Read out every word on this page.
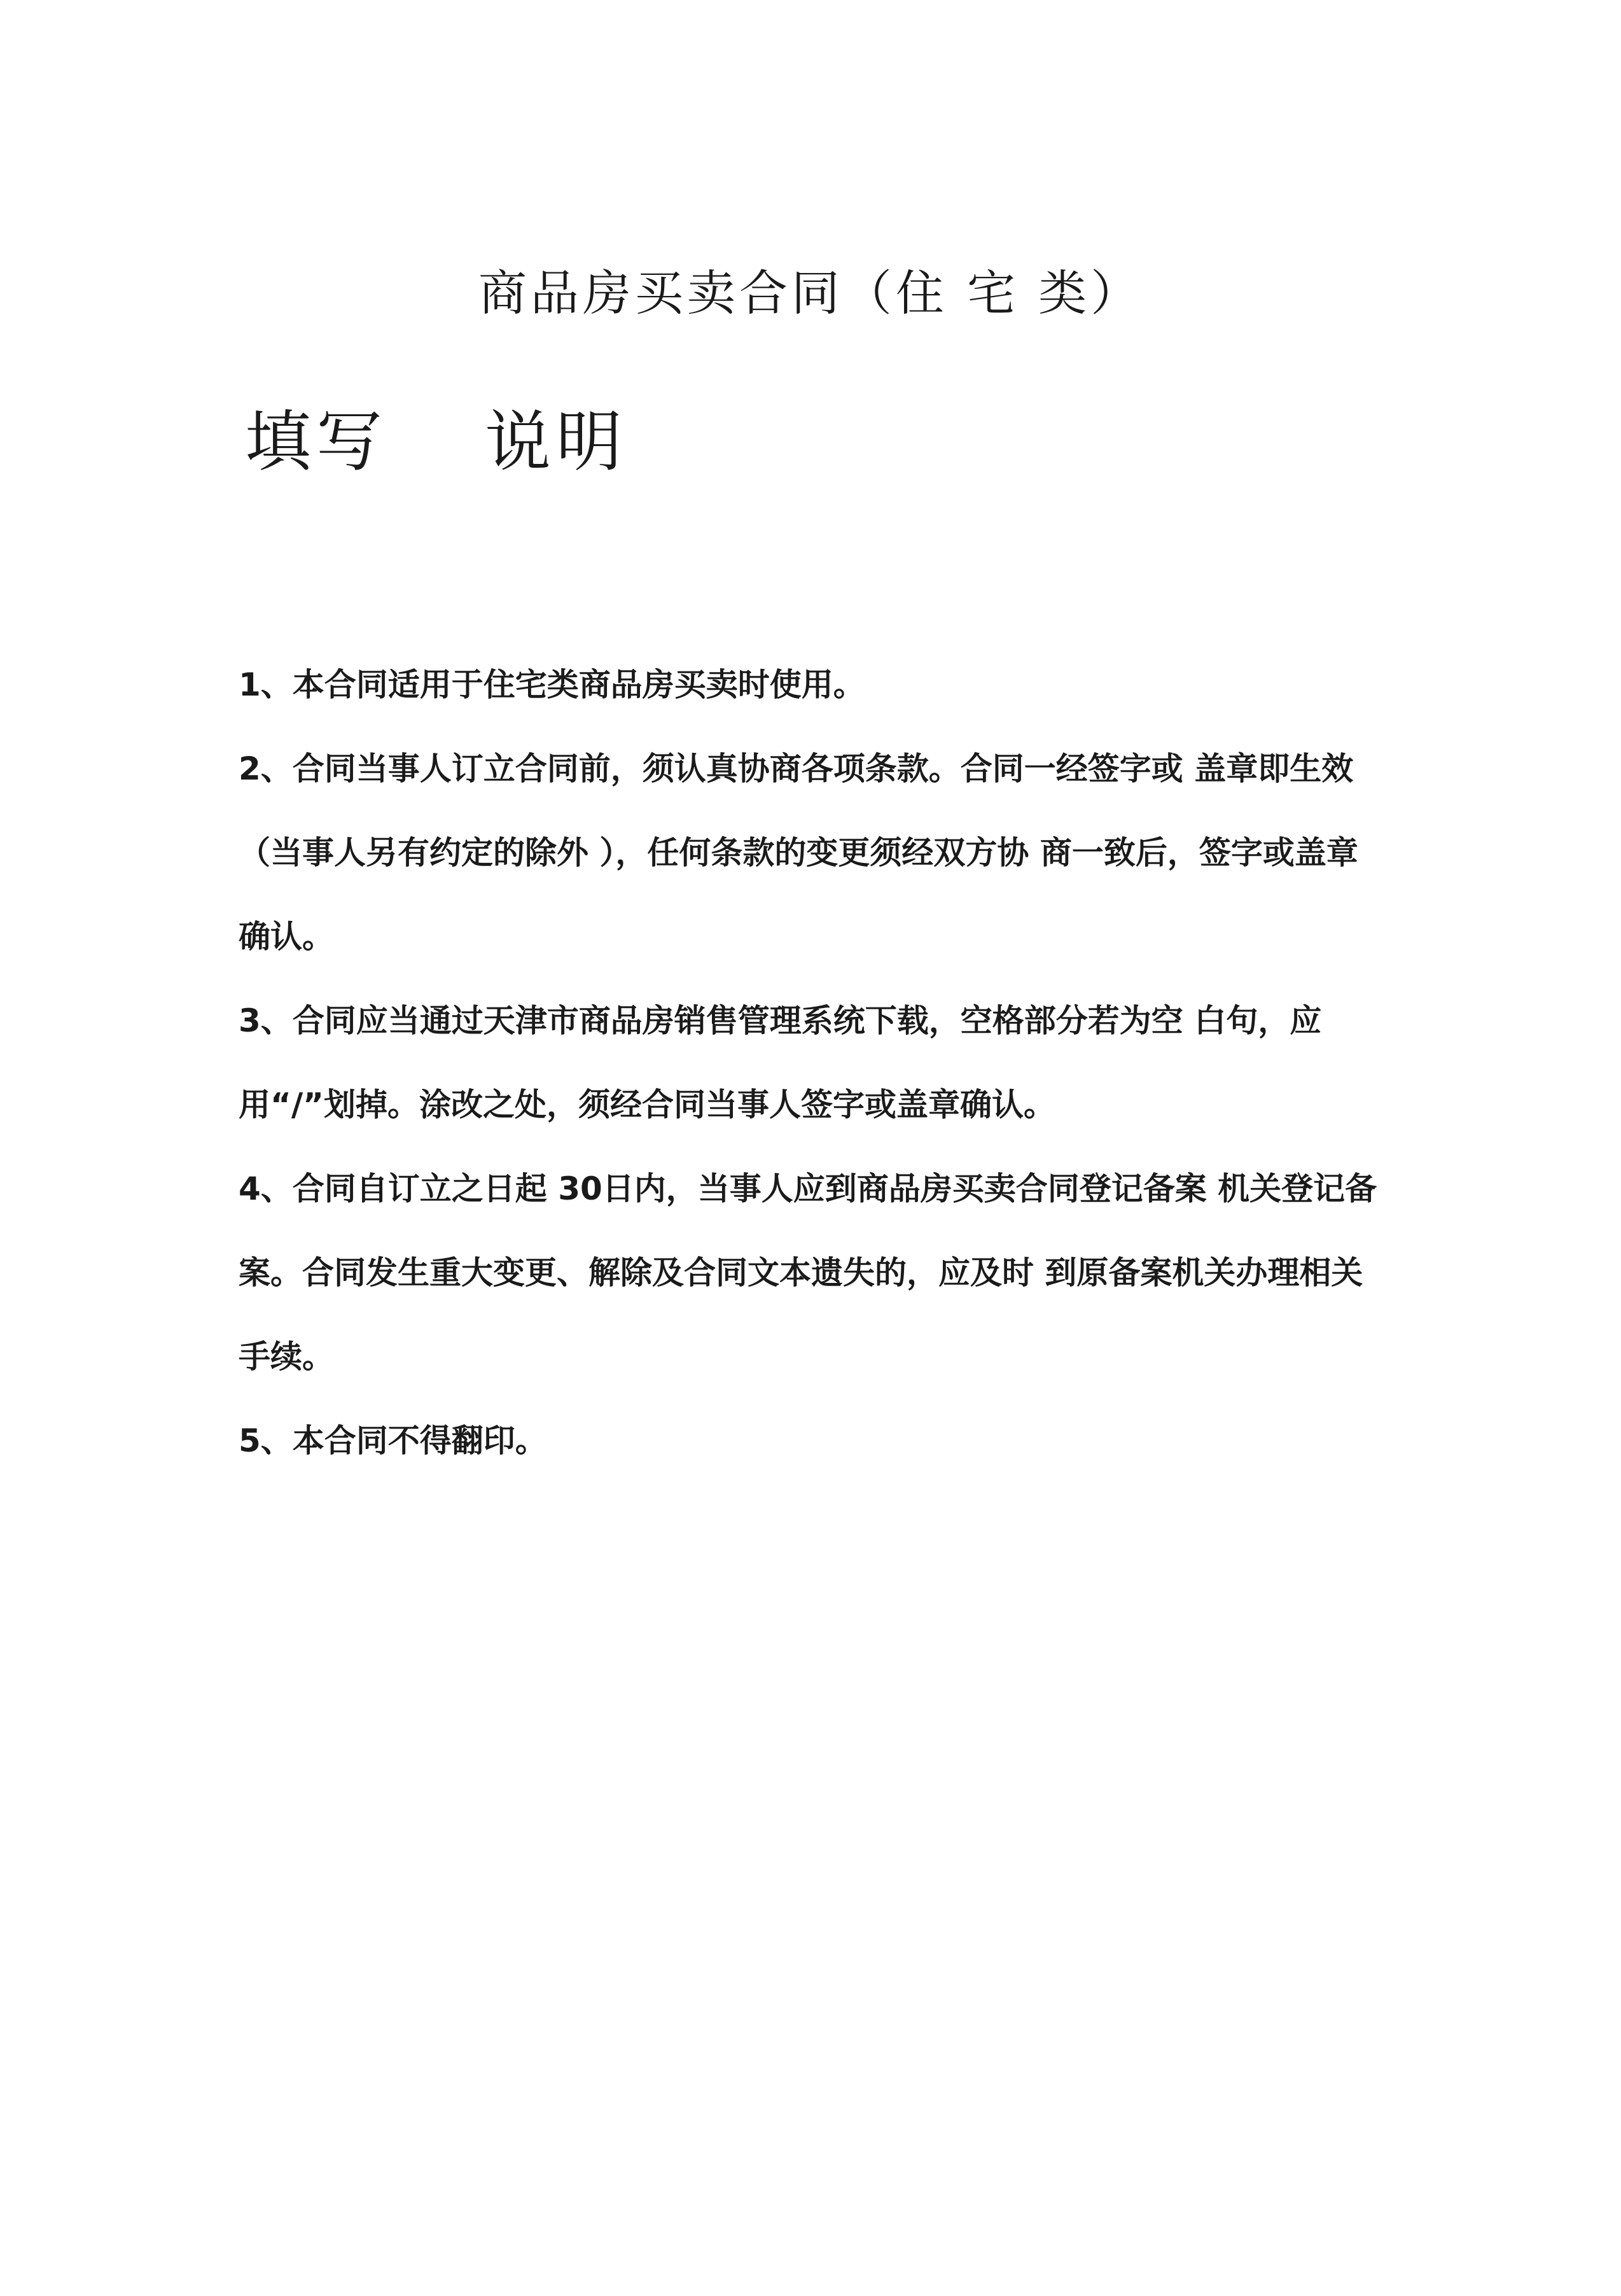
商品房买卖合同（住 宅 类）
填写　 说明

1、本合同适用于住宅类商品房买卖时使用。

2、合同当事人订立合同前，须认真协商各项条款。合同一经签字或 盖章即生效（当事人另有约定的除外 ），任何条款的变更须经双方协 商一致后，签字或盖章确认。

3、合同应当通过天津市商品房销售管理系统下载，空格部分若为空 白句，应用“/”划掉。涂改之处，须经合同当事人签字或盖章确认。

4、合同自订立之日起 30日内，当事人应到商品房买卖合同登记备案 机关登记备案。合同发生重大变更、解除及合同文本遗失的，应及时 到原备案机关办理相关手续。

5、本合同不得翻印。
